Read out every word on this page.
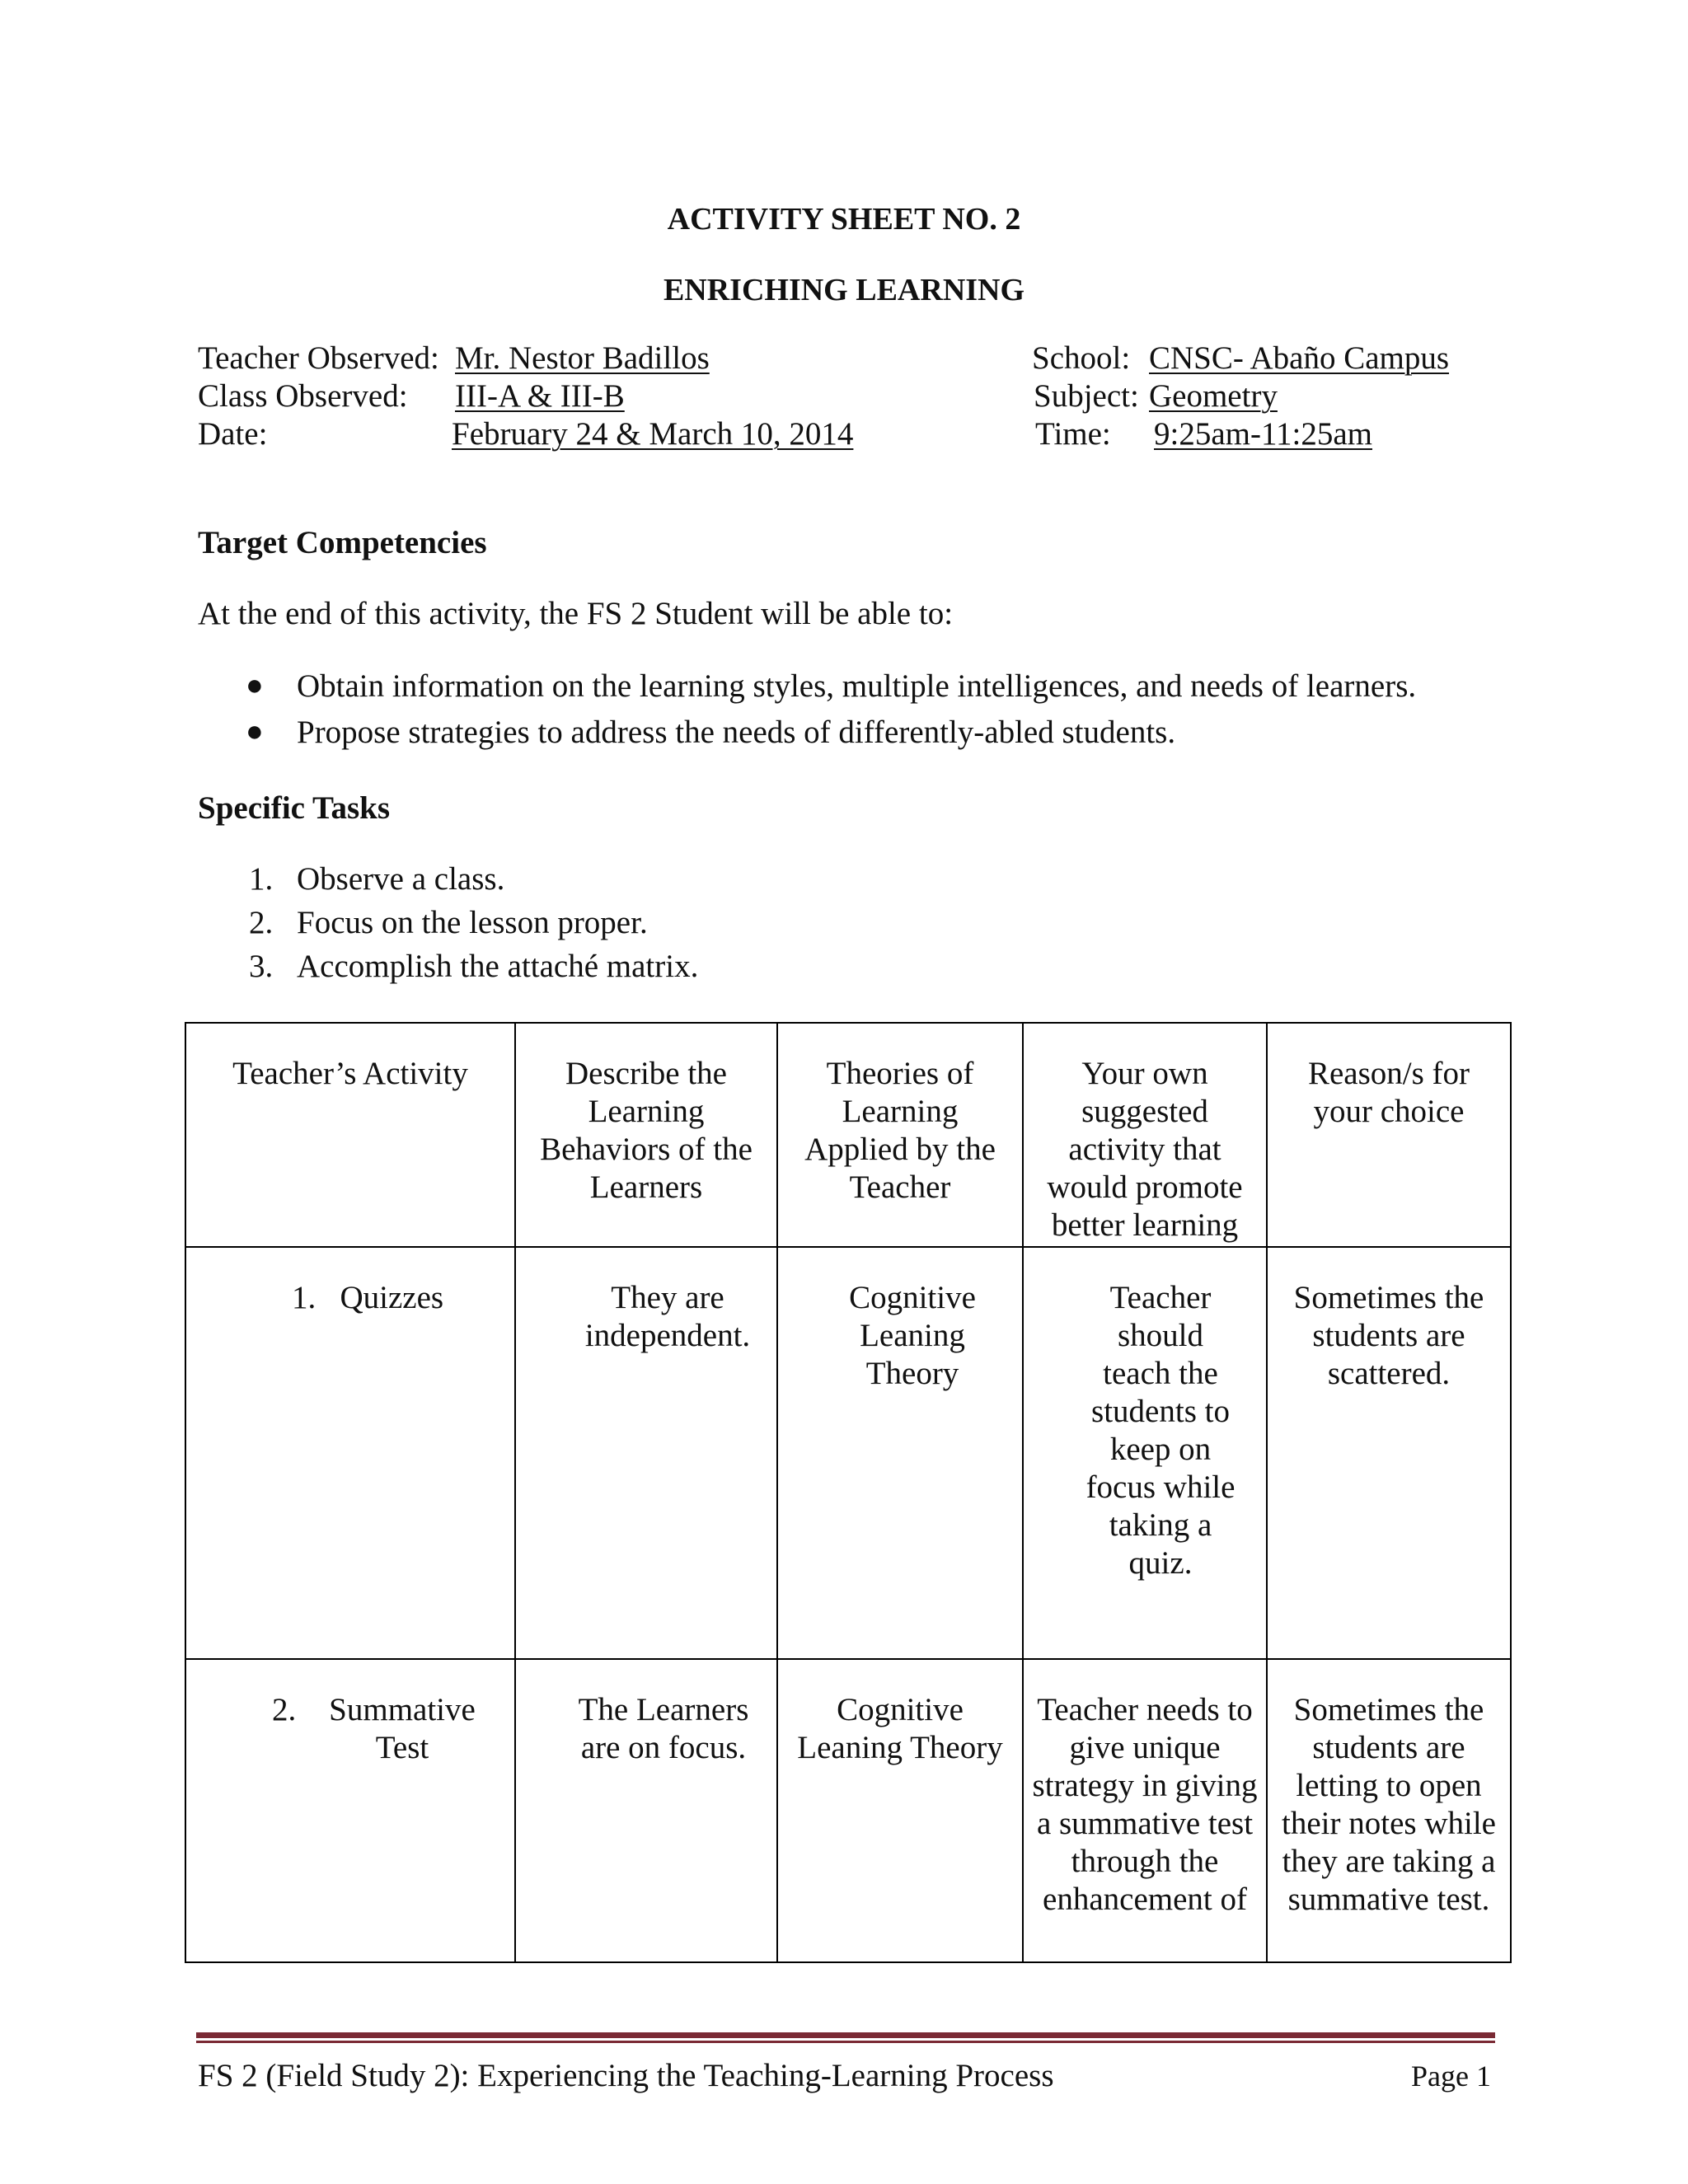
ACTIVITY SHEET NO. 2
ENRICHING LEARNING
Teacher Observed: Mr. Nestor Badillos
Class Observed: III-A & III-B
Date:	February 24 & March 10, 2014
School: CNSC- Abaño Campus
Subject: Geometry
Time: 9:25am-11:25am
Target Competencies
At the end of this activity, the FS 2 Student will be able to:
● Obtain information on the learning styles, multiple intelligences, and needs of learners.
● Propose strategies to address the needs of differently-abled students.
Specific Tasks
1. Observe a class.
2. Focus on the lesson proper.
3. Accomplish the attaché matrix.
Teacher’s Activity	Describe the Learning Behaviors of the Learners	Theories of Learning Applied by the Teacher	Your own suggested activity that would promote better learning	Reason/s for your choice
1. Quizzes	They are independent.	Cognitive Leaning Theory	Teacher should teach the students to keep on focus while taking a quiz.	Sometimes the students are scattered.

2. Summative Test	The Learners are on focus.	Cognitive Leaning Theory	Teacher needs to give unique strategy in giving a summative test through the enhancement of	Sometimes the students are letting to open their notes while they are taking a summative test.
FS 2 (Field Study 2): Experiencing the Teaching-Learning Process	Page 1
